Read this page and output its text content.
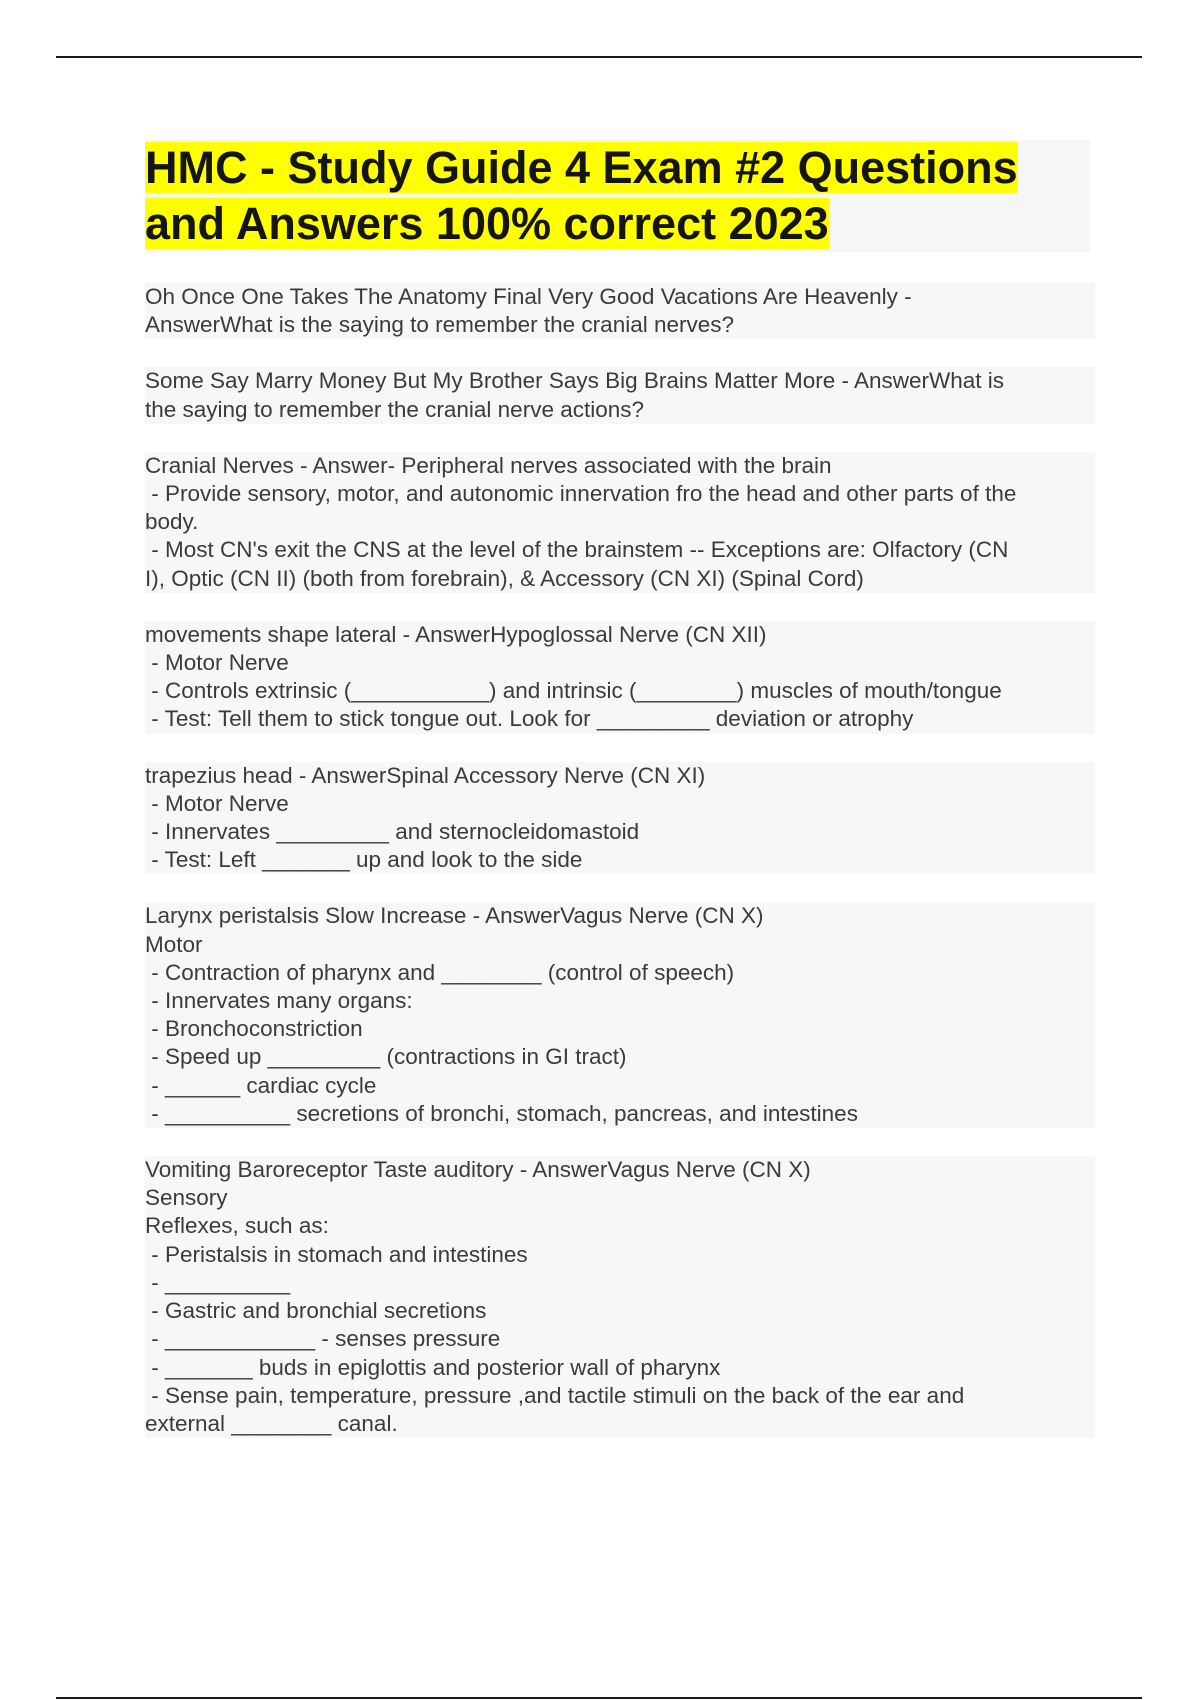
HMC - Study Guide 4 Exam #2 Questions
and Answers 100% correct 2023
Oh Once One Takes The Anatomy Final Very Good Vacations Are Heavenly -
AnswerWhat is the saying to remember the cranial nerves?
Some Say Marry Money But My Brother Says Big Brains Matter More - AnswerWhat is
the saying to remember the cranial nerve actions?
Cranial Nerves - Answer- Peripheral nerves associated with the brain
- Provide sensory, motor, and autonomic innervation fro the head and other parts of the
body.
- Most CN's exit the CNS at the level of the brainstem -- Exceptions are: Olfactory (CN
I), Optic (CN II) (both from forebrain), & Accessory (CN XI) (Spinal Cord)
movements shape lateral - AnswerHypoglossal Nerve (CN XII)
- Motor Nerve
- Controls extrinsic (___________) and intrinsic (________) muscles of mouth/tongue
- Test: Tell them to stick tongue out. Look for _________ deviation or atrophy
trapezius head - AnswerSpinal Accessory Nerve (CN XI)
- Motor Nerve
- Innervates _________ and sternocleidomastoid
- Test: Left _______ up and look to the side
Larynx peristalsis Slow Increase - AnswerVagus Nerve (CN X)
Motor
- Contraction of pharynx and ________ (control of speech)
- Innervates many organs:
- Bronchoconstriction
- Speed up _________ (contractions in GI tract)
- ______ cardiac cycle
- __________ secretions of bronchi, stomach, pancreas, and intestines
Vomiting Baroreceptor Taste auditory - AnswerVagus Nerve (CN X)
Sensory
Reflexes, such as:
- Peristalsis in stomach and intestines
- __________
- Gastric and bronchial secretions
- ____________ - senses pressure
- _______ buds in epiglottis and posterior wall of pharynx
- Sense pain, temperature, pressure ,and tactile stimuli on the back of the ear and
external ________ canal.
